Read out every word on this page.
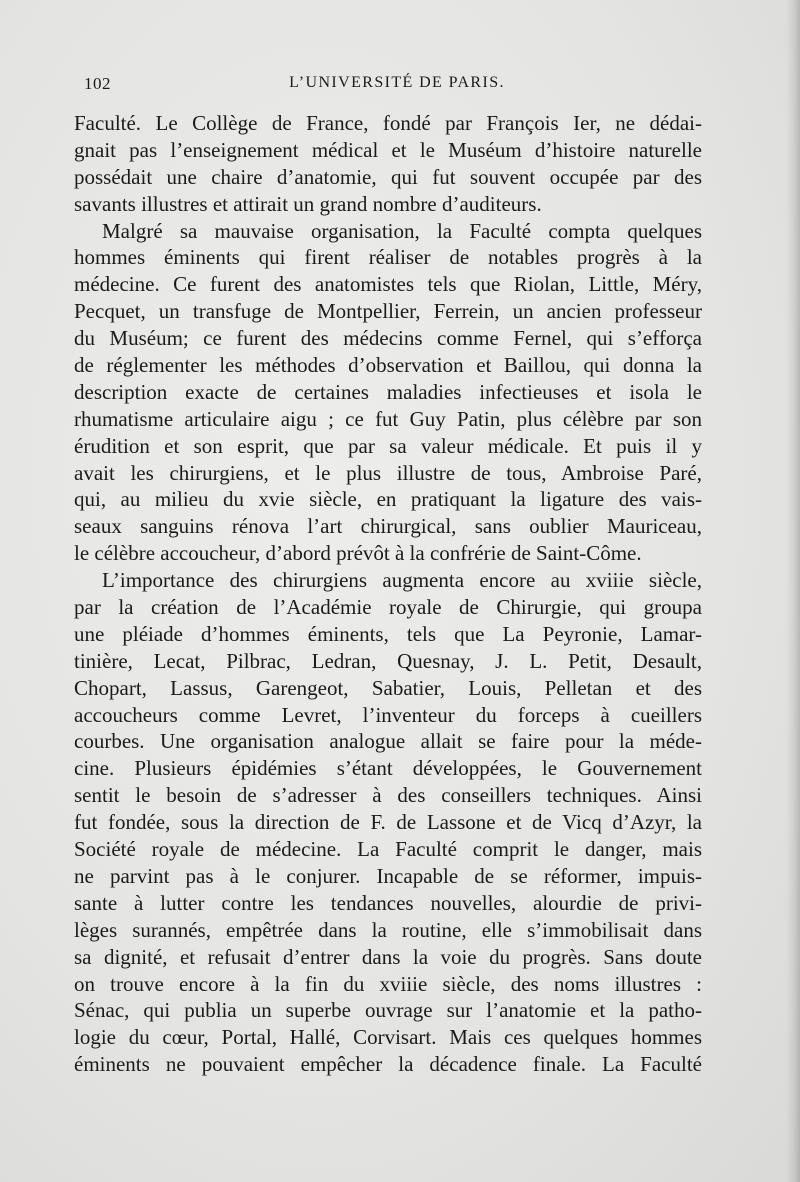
102	L’UNIVERSITÉ DE PARIS.
Faculté. Le Collège de France, fondé par François Ier, ne dédai-
gnait pas l’enseignement médical et le Muséum d’histoire naturelle
possédait une chaire d’anatomie, qui fut souvent occupée par des
savants illustres et attirait un grand nombre d’auditeurs.
Malgré sa mauvaise organisation, la Faculté compta quelques
hommes éminents qui firent réaliser de notables progrès à la
médecine. Ce furent des anatomistes tels que Riolan, Little, Méry,
Pecquet, un transfuge de Montpellier, Ferrein, un ancien professeur
du Muséum; ce furent des médecins comme Fernel, qui s’efforça
de réglementer les méthodes d’observation et Baillou, qui donna la
description exacte de certaines maladies infectieuses et isola le
rhumatisme articulaire aigu ; ce fut Guy Patin, plus célèbre par son
érudition et son esprit, que par sa valeur médicale. Et puis il y
avait les chirurgiens, et le plus illustre de tous, Ambroise Paré,
qui, au milieu du xvie siècle, en pratiquant la ligature des vais-
seaux sanguins rénova l’art chirurgical, sans oublier Mauriceau,
le célèbre accoucheur, d’abord prévôt à la confrérie de Saint-Côme.
L’importance des chirurgiens augmenta encore au xviiie siècle,
par la création de l’Académie royale de Chirurgie, qui groupa
une pléiade d’hommes éminents, tels que La Peyronie, Lamar-
tinière, Lecat, Pilbrac, Ledran, Quesnay, J. L. Petit, Desault,
Chopart, Lassus, Garengeot, Sabatier, Louis, Pelletan et des
accoucheurs comme Levret, l’inventeur du forceps à cueillers
courbes. Une organisation analogue allait se faire pour la méde-
cine. Plusieurs épidémies s’étant développées, le Gouvernement
sentit le besoin de s’adresser à des conseillers techniques. Ainsi
fut fondée, sous la direction de F. de Lassone et de Vicq d’Azyr, la
Société royale de médecine. La Faculté comprit le danger, mais
ne parvint pas à le conjurer. Incapable de se réformer, impuis-
sante à lutter contre les tendances nouvelles, alourdie de privi-
lèges surannés, empêtrée dans la routine, elle s’immobilisait dans
sa dignité, et refusait d’entrer dans la voie du progrès. Sans doute
on trouve encore à la fin du xviiie siècle, des noms illustres :
Sénac, qui publia un superbe ouvrage sur l’anatomie et la patho-
logie du cœur, Portal, Hallé, Corvisart. Mais ces quelques hommes
éminents ne pouvaient empêcher la décadence finale. La Faculté
